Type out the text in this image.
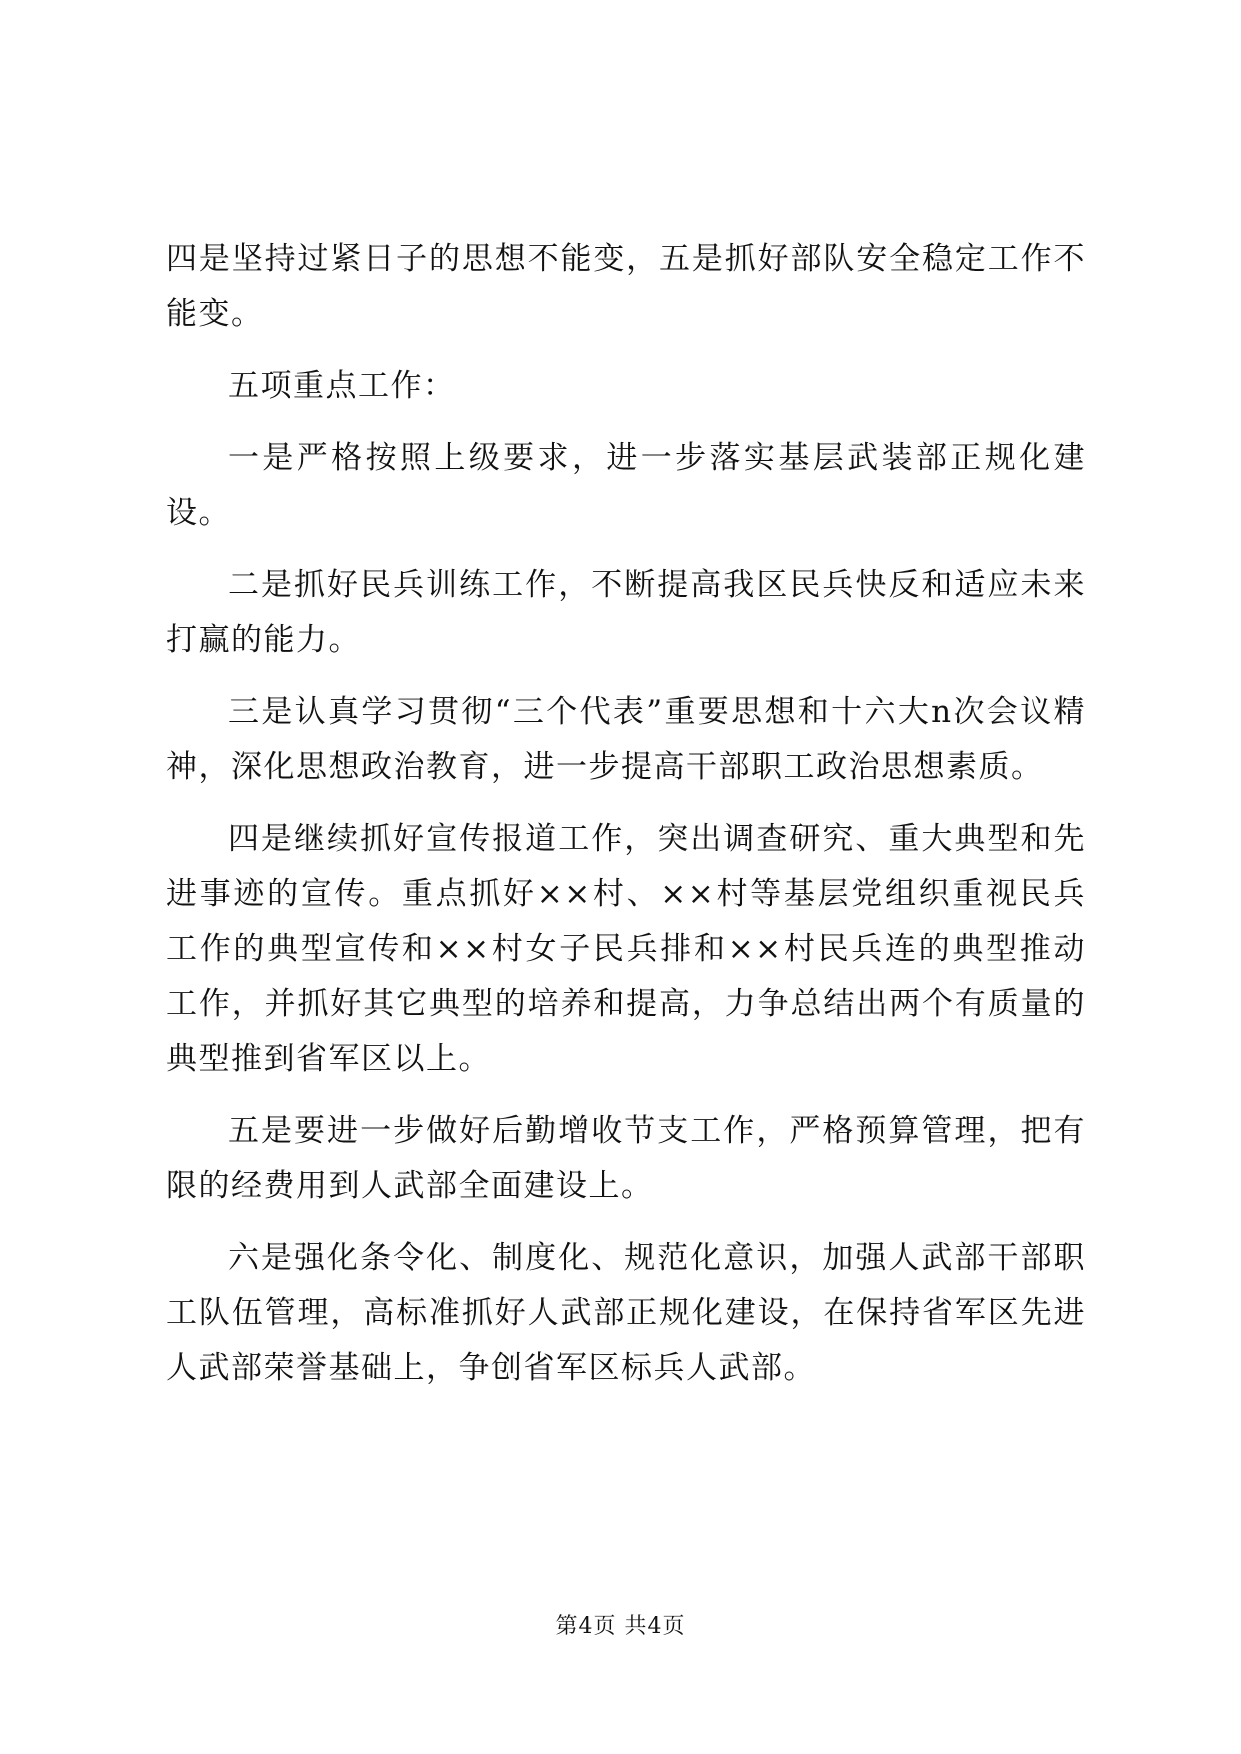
四是坚持过紧日子的思想不能变，五是抓好部队安全稳定工作不能变。

五项重点工作：

一是严格按照上级要求，进一步落实基层武装部正规化建设。

二是抓好民兵训练工作，不断提高我区民兵快反和适应未来打赢的能力。

三是认真学习贯彻“三个代表”重要思想和十六大n次会议精神，深化思想政治教育，进一步提高干部职工政治思想素质。

四是继续抓好宣传报道工作，突出调查研究、重大典型和先进事迹的宣传。重点抓好××村、××村等基层党组织重视民兵工作的典型宣传和××村女子民兵排和××村民兵连的典型推动工作，并抓好其它典型的培养和提高，力争总结出两个有质量的典型推到省军区以上。

五是要进一步做好后勤增收节支工作，严格预算管理，把有限的经费用到人武部全面建设上。

六是强化条令化、制度化、规范化意识，加强人武部干部职工队伍管理，高标准抓好人武部正规化建设，在保持省军区先进人武部荣誉基础上，争创省军区标兵人武部。

第4页 共4页
